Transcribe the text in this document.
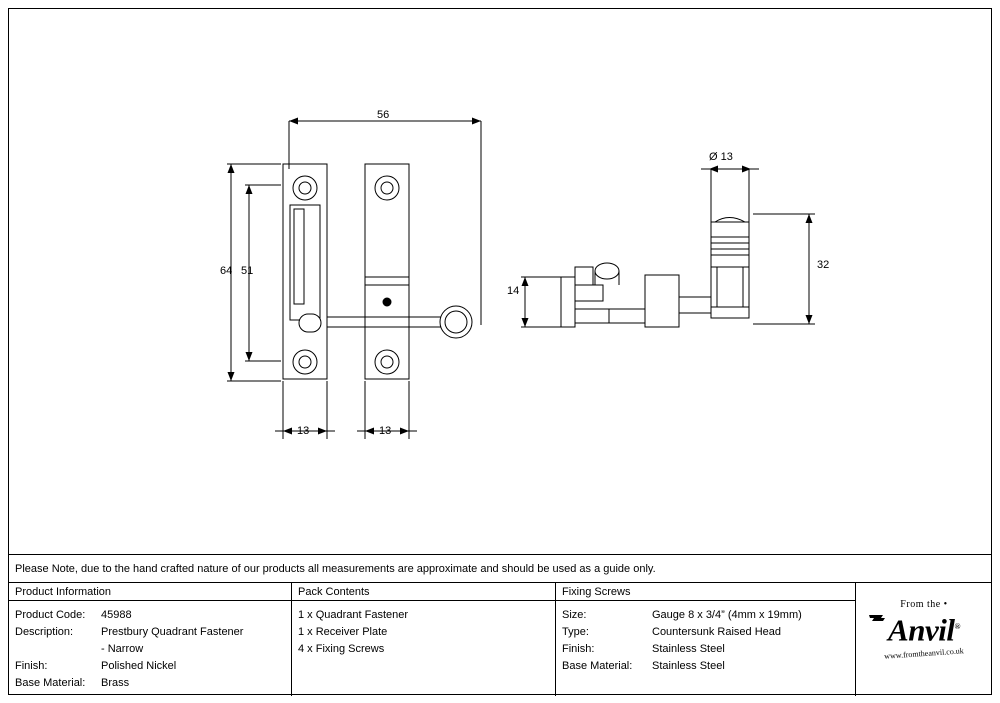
56
51
64
13	13
Ø 13
32
14
Please Note, due to the hand crafted nature of our products all measurements are approximate and should be used as a guide only.
Product Information
Product Code:	45988
Description:	Prestbury Quadrant Fastener
- Narrow
Finish:	Polished Nickel
Base Material:	Brass
Pack Contents
1 x Quadrant Fastener
1 x Receiver Plate
4 x Fixing Screws
Fixing Screws
Size:	Gauge 8 x 3/4” (4mm x 19mm)
Type:	Countersunk Raised Head
Finish:	Stainless Steel
Base Material:	Stainless Steel
From the •
Anvil®
www.fromtheanvil.co.uk
